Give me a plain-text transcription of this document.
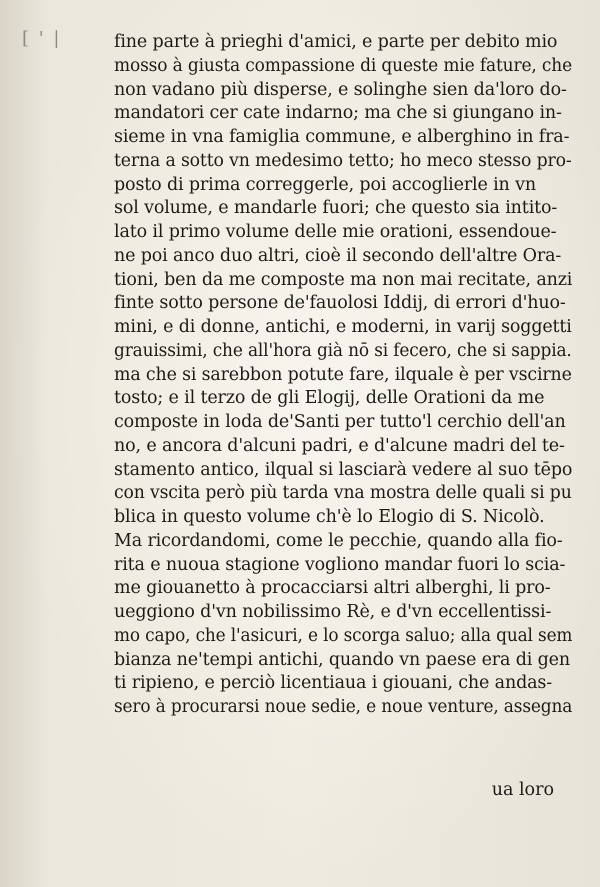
[ ' |	fine parte à prieghi d'amici, e parte per debito mio
mosso à giusta compassione di queste mie fature, che
non vadano più disperse, e solinghe sien da'loro do-
mandatori cer cate indarno; ma che si giungano in-
sieme in vna famiglia commune, e alberghino in fra-
terna a sotto vn medesimo tetto; ho meco stesso pro-
posto di prima correggerle, poi accoglierle in vn
sol volume, e mandarle fuori; che questo sia intito-
lato il primo volume delle mie orationi, essendoue-
ne poi anco duo altri, cioè il secondo dell'altre Ora-
tioni, ben da me composte ma non mai recitate, anzi
finte sotto persone de'fauolosi Iddij, di errori d'huo-
mini, e di donne, antichi, e moderni, in varij soggetti
grauissimi, che all'hora già nō si fecero, che si sappia.
ma che si sarebbon potute fare, ilquale è per vscirne
tosto; e il terzo de gli Elogij, delle Orationi da me
composte in loda de'Santi per tutto'l cerchio dell'an
no, e ancora d'alcuni padri, e d'alcune madri del te-
stamento antico, ilqual si lasciarà vedere al suo tēpo
con vscita però più tarda vna mostra delle quali si pu
blica in questo volume ch'è lo Elogio di S. Nicolò.
Ma ricordandomi, come le pecchie, quando alla fio-
rita e nuoua stagione vogliono mandar fuori lo scia-
me giouanetto à procacciarsi altri alberghi, li pro-
ueggiono d'vn nobilissimo Rè, e d'vn eccellentissi-
mo capo, che l'asicuri, e lo scorga saluo; alla qual sem
bianza ne'tempi antichi, quando vn paese era di gen
ti ripieno, e perciò licentiaua i giouani, che andas-
sero à procurarsi noue sedie, e noue venture, assegna
ua loro
